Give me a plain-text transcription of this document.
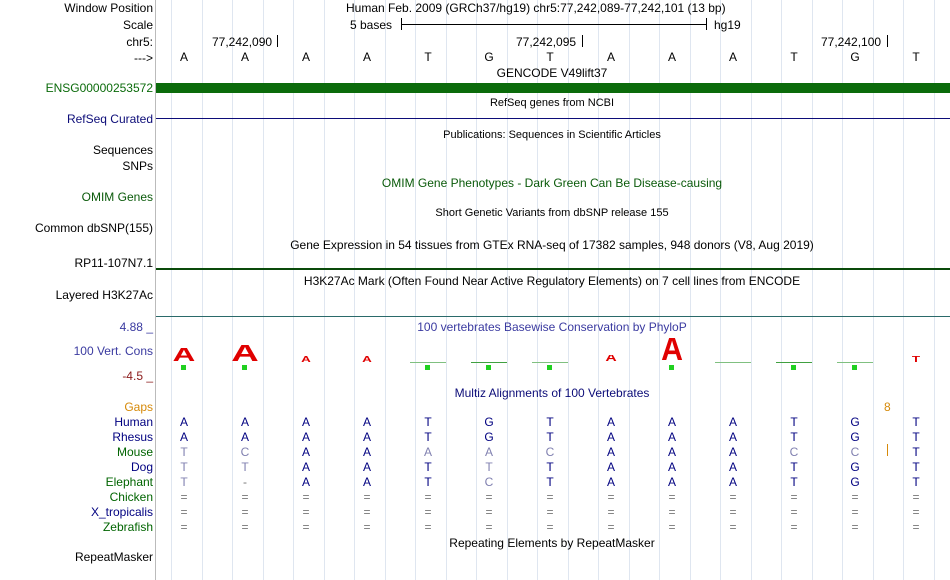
Window Position	Human Feb. 2009 (GRCh37/hg19) chr5:77,242,089-77,242,101 (13 bp)
Scale	5 bases	hg19
chr5:	77,242,090	77,242,095	77,242,100
--->	A	A	A	A	T	G	T	A	A	A	T	G	T
GENCODE V49lift37
ENSG00000253572
RefSeq genes from NCBI
RefSeq Curated
Publications: Sequences in Scientific Articles
Sequences
SNPs
OMIM Gene Phenotypes - Dark Green Can Be Disease-causing
OMIM Genes
Short Genetic Variants from dbSNP release 155
Common dbSNP(155)
Gene Expression in 54 tissues from GTEx RNA-seq of 17382 samples, 948 donors (V8, Aug 2019)
RP11-107N7.1
H3K27Ac Mark (Often Found Near Active Regulatory Elements) on 7 cell lines from ENCODE
Layered H3K27Ac
100 vertebrates Basewise Conservation by PhyloP
4.88 _
100 Vert. Cons
-4.5 _
A	A	A	A	A	A	T
Multiz Alignments of 100 Vertebrates
Gaps	8
Human	A	A	A	A	T	G	T	A	A	A	T	G	T
Rhesus	A	A	A	A	T	G	T	A	A	A	T	G	T
Mouse	T	C	A	A	A	A	C	A	A	A	C	C	T
Dog	T	T	A	A	T	T	T	A	A	A	T	G	T
Elephant	T	-	A	A	T	C	T	A	A	A	T	G	T
Chicken	=	=	=	=	=	=	=	=	=	=	=	=	=
X_tropicalis	=	=	=	=	=	=	=	=	=	=	=	=	=
Zebrafish	=	=	=	=	=	=	=	=	=	=	=	=	=
Repeating Elements by RepeatMasker
RepeatMasker
